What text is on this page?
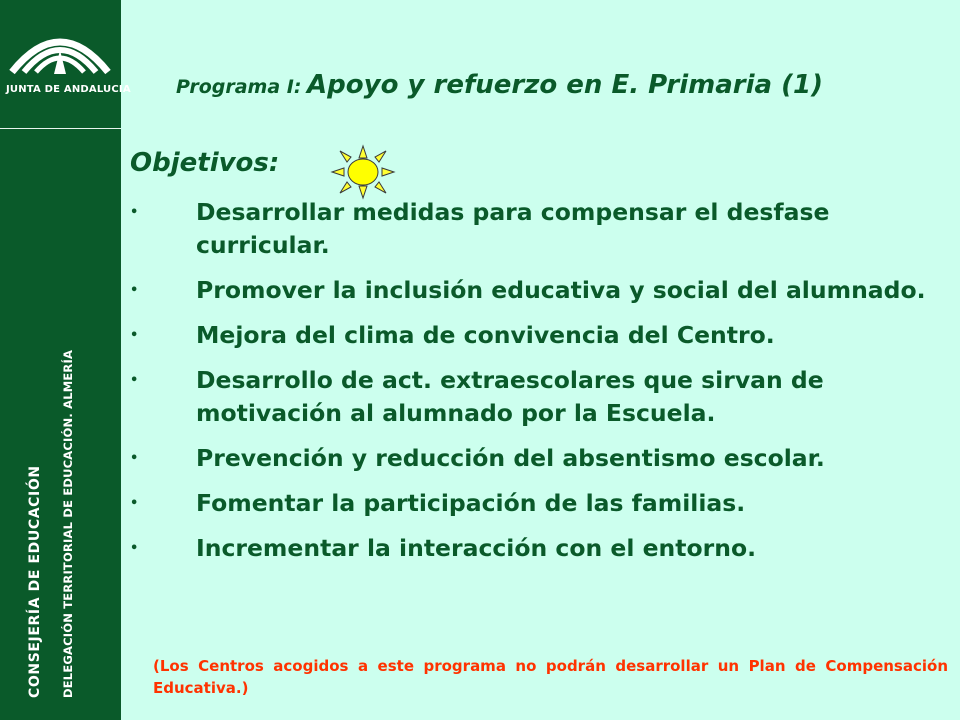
JUNTA DE ANDALUCIA
CONSEJERÍA DE EDUCACIÓN DELEGACIÓN TERRITORIAL DE EDUCACIÓN. ALMERÍA
Programa I: Apoyo y refuerzo en E. Primaria (1)
Objetivos:
• Desarrollar medidas para compensar el desfase curricular.
• Promover la inclusión educativa y social del alumnado.
• Mejora del clima de convivencia del Centro.
• Desarrollo de act. extraescolares que sirvan de motivación al alumnado por la Escuela.
• Prevención y reducción del absentismo escolar.
• Fomentar la participación de las familias.
• Incrementar la interacción con el entorno.
(Los Centros acogidos a este programa no podrán desarrollar un Plan de Compensación Educativa.)
